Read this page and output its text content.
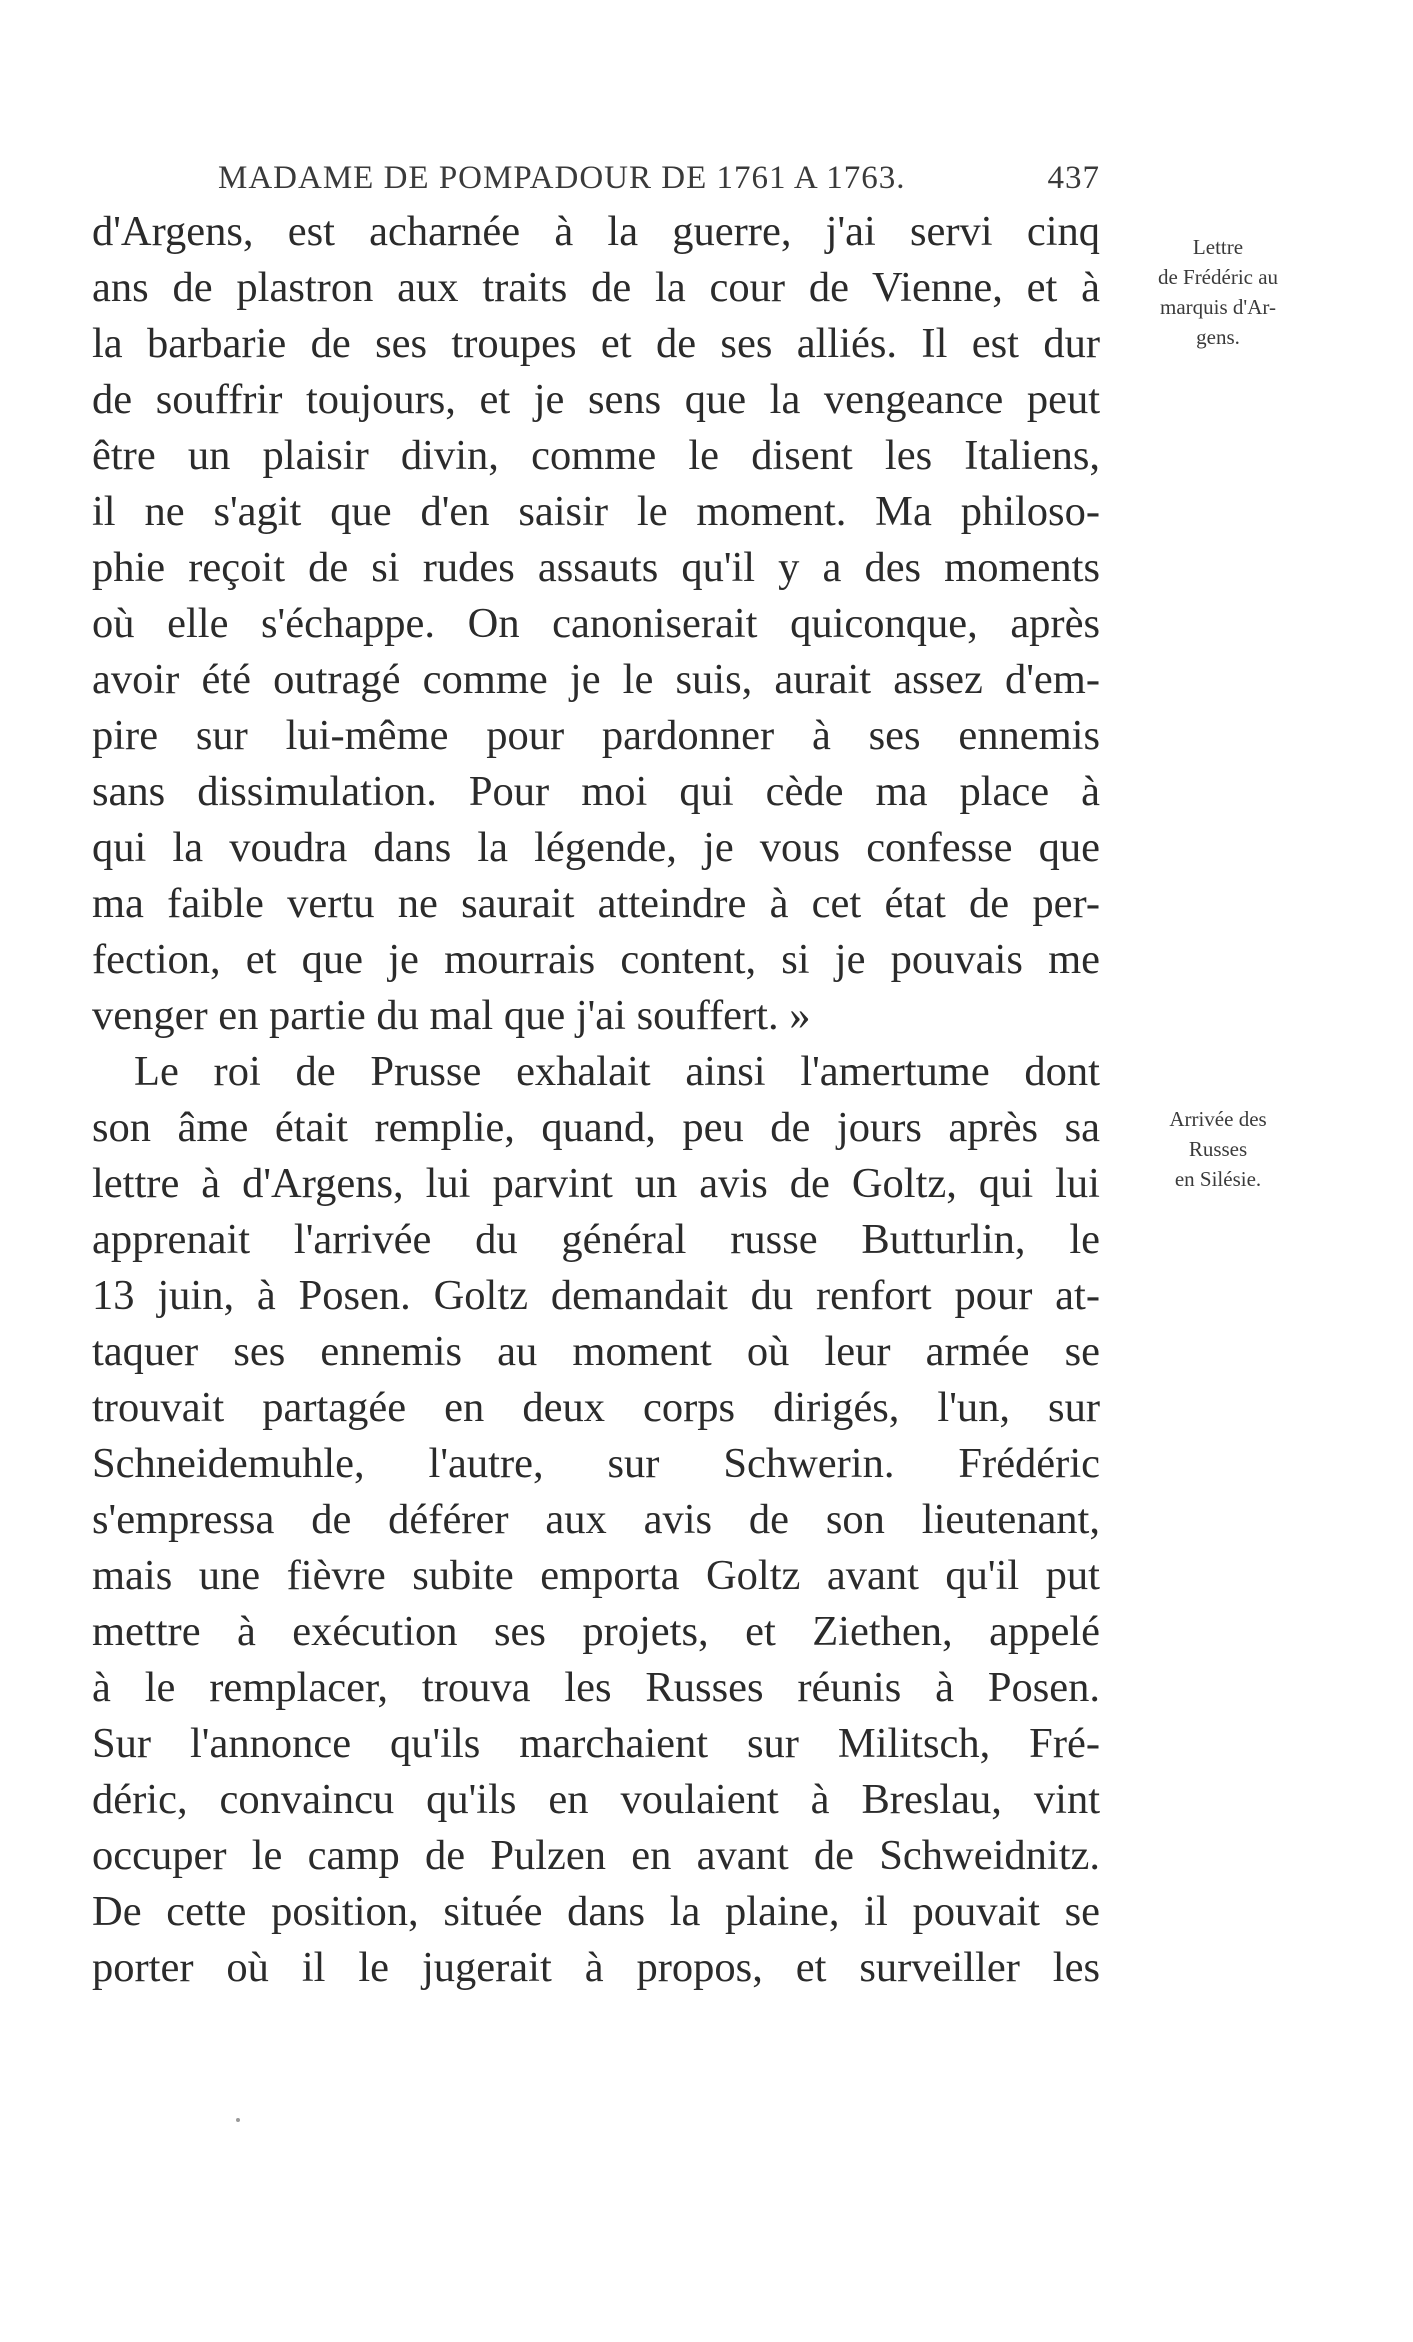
MADAME DE POMPADOUR DE 1761 A 1763.	437
d'Argens, est acharnée à la guerre, j'ai servi cinq
ans de plastron aux traits de la cour de Vienne, et à
la barbarie de ses troupes et de ses alliés. Il est dur
de souffrir toujours, et je sens que la vengeance peut
être un plaisir divin, comme le disent les Italiens,
il ne s'agit que d'en saisir le moment. Ma philoso-
phie reçoit de si rudes assauts qu'il y a des moments
où elle s'échappe. On canoniserait quiconque, après
avoir été outragé comme je le suis, aurait assez d'em-
pire sur lui-même pour pardonner à ses ennemis
sans dissimulation. Pour moi qui cède ma place à
qui la voudra dans la légende, je vous confesse que
ma faible vertu ne saurait atteindre à cet état de per-
fection, et que je mourrais content, si je pouvais me
venger en partie du mal que j'ai souffert. »
Le roi de Prusse exhalait ainsi l'amertume dont
son âme était remplie, quand, peu de jours après sa
lettre à d'Argens, lui parvint un avis de Goltz, qui lui
apprenait l'arrivée du général russe Butturlin, le
13 juin, à Posen. Goltz demandait du renfort pour at-
taquer ses ennemis au moment où leur armée se
trouvait partagée en deux corps dirigés, l'un, sur
Schneidemuhle, l'autre, sur Schwerin. Frédéric
s'empressa de déférer aux avis de son lieutenant,
mais une fièvre subite emporta Goltz avant qu'il put
mettre à exécution ses projets, et Ziethen, appelé
à le remplacer, trouva les Russes réunis à Posen.
Sur l'annonce qu'ils marchaient sur Militsch, Fré-
déric, convaincu qu'ils en voulaient à Breslau, vint
occuper le camp de Pulzen en avant de Schweidnitz.
De cette position, située dans la plaine, il pouvait se
porter où il le jugerait à propos, et surveiller les
Lettre
de Frédéric au
marquis d'Ar-
gens.
Arrivée des
Russes
en Silésie.
